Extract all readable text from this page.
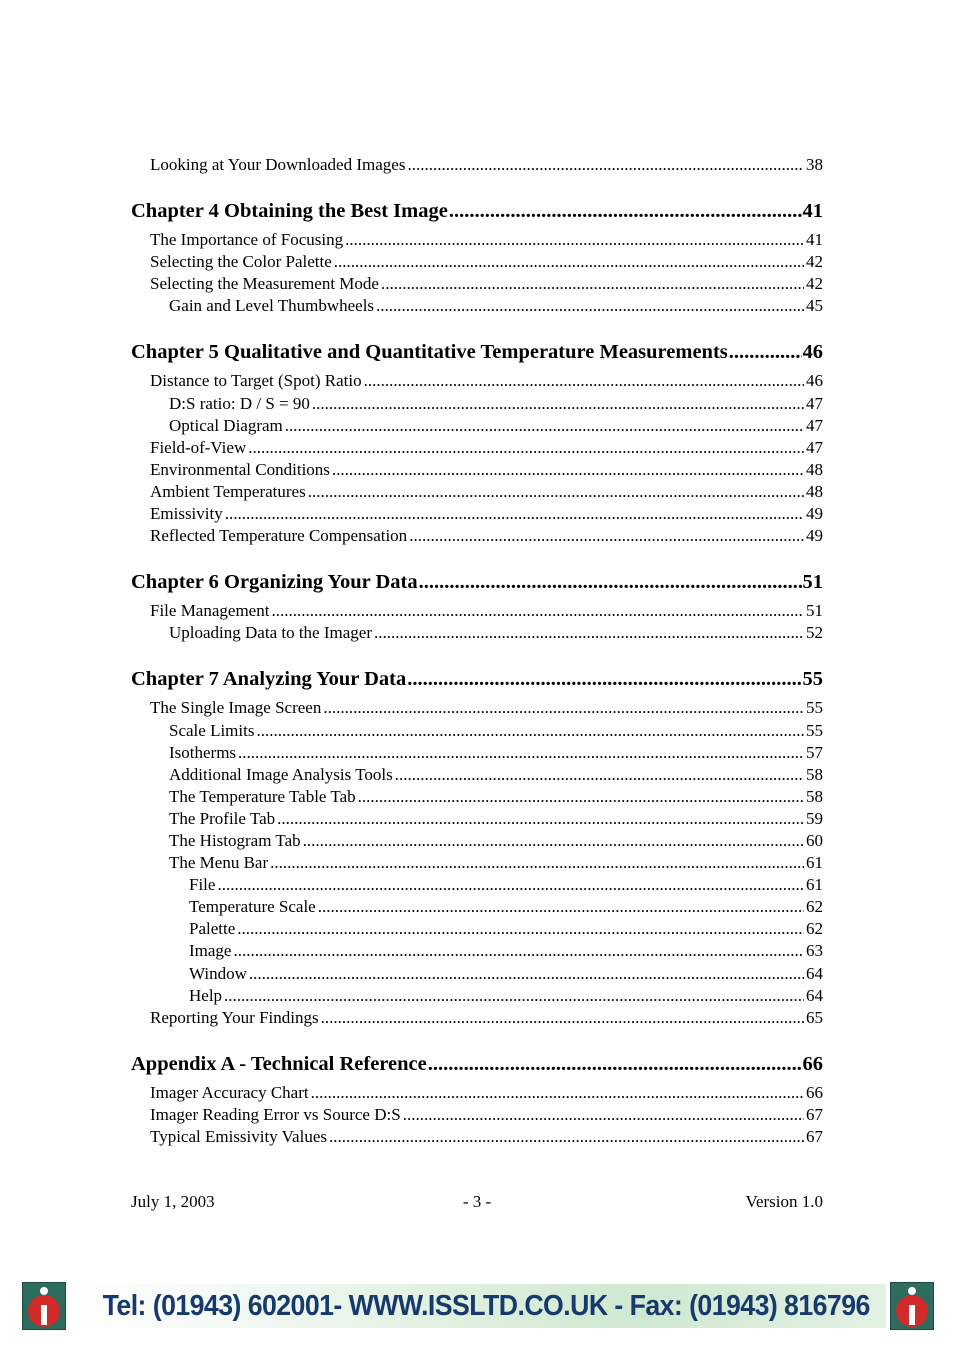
Looking at Your Downloaded Images .....	38
Chapter 4 Obtaining the Best Image .....	41
The Importance of Focusing .....	41
Selecting the Color Palette .....	42
Selecting the Measurement Mode .....	42
Gain and Level Thumbwheels .....	45
Chapter 5 Qualitative and Quantitative Temperature Measurements .....	46
Distance to Target (Spot) Ratio .....	46
D:S ratio: D / S = 90 .....	47
Optical Diagram .....	47
Field-of-View .....	47
Environmental Conditions .....	48
Ambient Temperatures .....	48
Emissivity .....	49
Reflected Temperature Compensation .....	49
Chapter 6 Organizing Your Data .....	51
File Management .....	51
Uploading Data to the Imager .....	52
Chapter 7 Analyzing Your Data .....	55
The Single Image Screen .....	55
Scale Limits .....	55
Isotherms .....	57
Additional Image Analysis Tools .....	58
The Temperature Table Tab .....	58
The Profile Tab .....	59
The Histogram Tab .....	60
The Menu Bar .....	61
File .....	61
Temperature Scale .....	62
Palette .....	62
Image .....	63
Window .....	64
Help .....	64
Reporting Your Findings .....	65
Appendix A - Technical Reference .....	66
Imager Accuracy Chart .....	66
Imager Reading Error vs Source D:S .....	67
Typical Emissivity Values .....	67
July 1, 2003	- 3 -	Version 1.0
Tel: (01943) 602001- WWW.ISSLTD.CO.UK - Fax: (01943) 816796
